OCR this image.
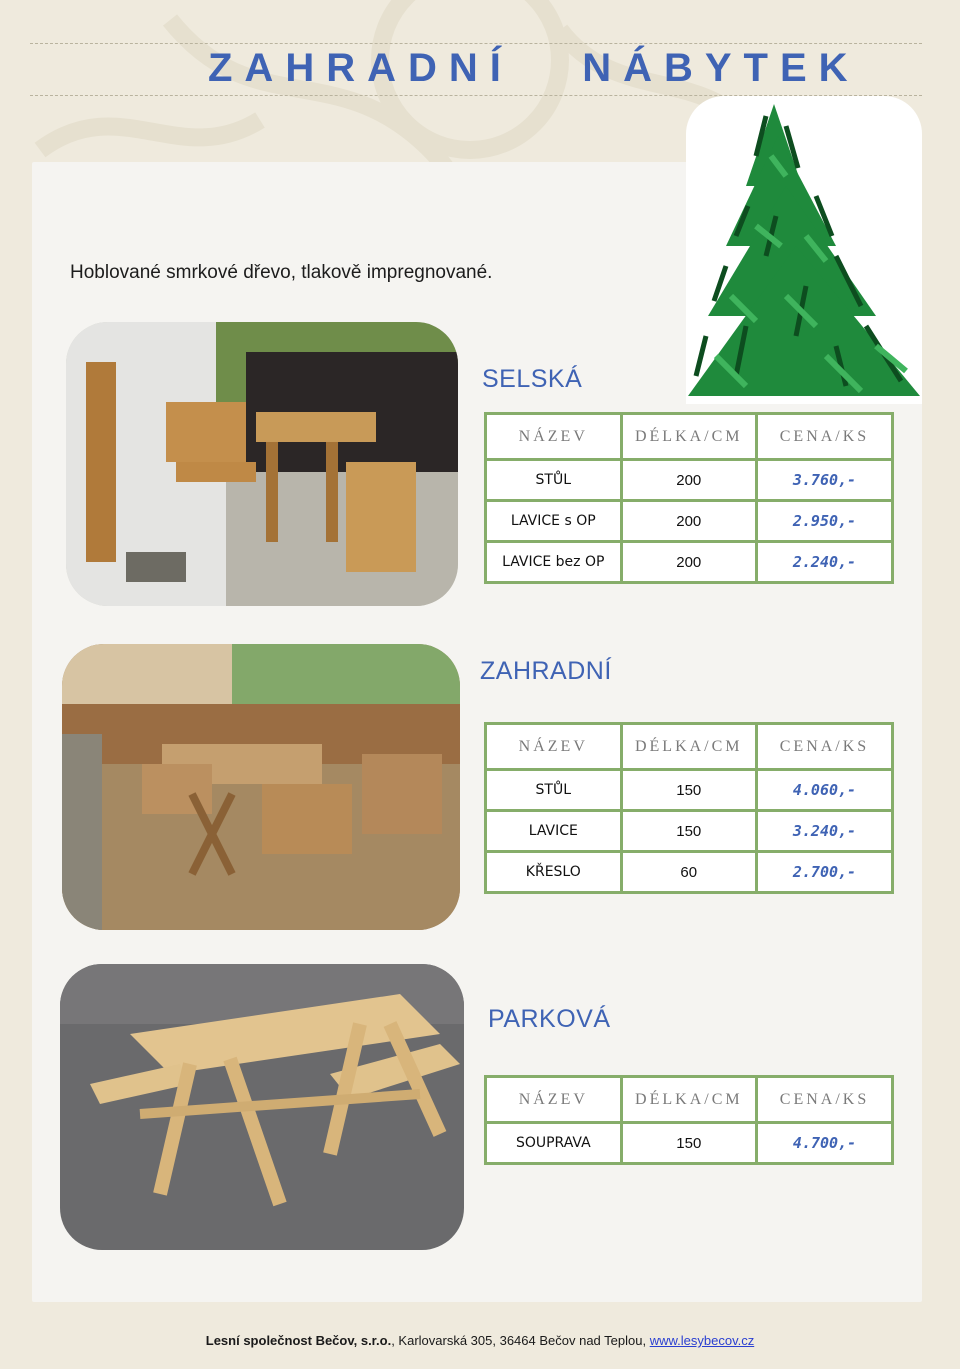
ZAHRADNÍ   NÁBYTEK

Hoblované smrkové dřevo, tlakově impregnované.

SELSKÁ
NÁZEV	DÉLKA/CM	CENA/KS
STŮL	200	3.760,-
LAVICE s OP	200	2.950,-
LAVICE bez OP	200	2.240,-
ZAHRADNÍ
NÁZEV	DÉLKA/CM	CENA/KS
STŮL	150	4.060,-
LAVICE	150	3.240,-
KŘESLO	60	2.700,-
PARKOVÁ
NÁZEV	DÉLKA/CM	CENA/KS
SOUPRAVA	150	4.700,-
Lesní společnost Bečov, s.r.o., Karlovarská 305, 36464 Bečov nad Teplou, www.lesybecov.cz
